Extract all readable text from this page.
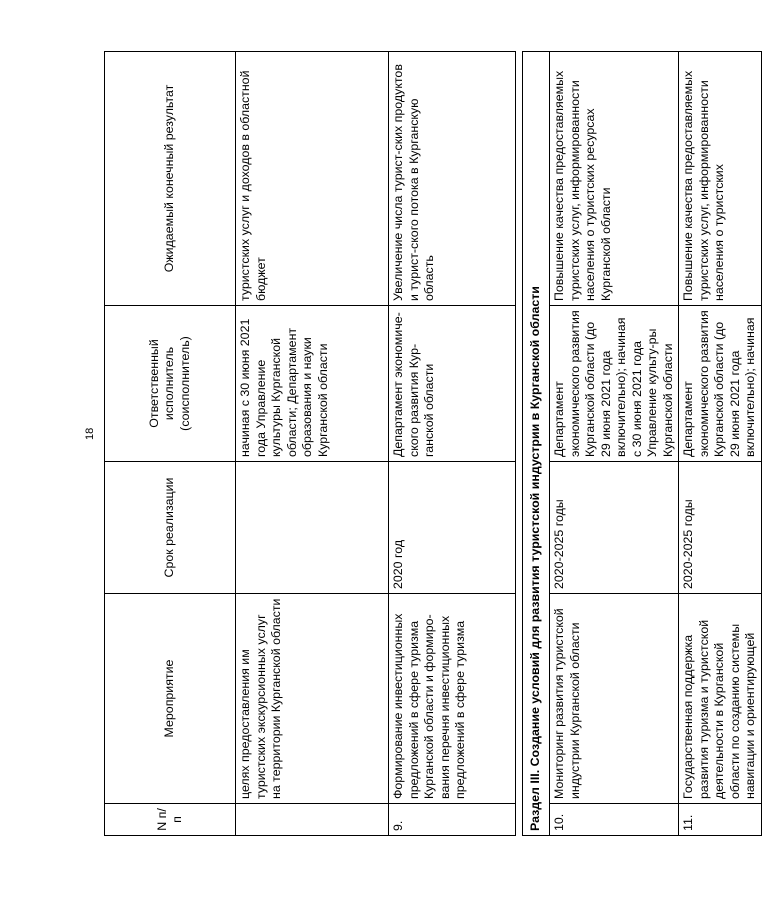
18
N п/п	Мероприятие	Срок реализации	Ответственный исполнитель (соисполнитель)	Ожидаемый конечный результат
	целях предоставления им туристских экскурсионных услуг на территории Курганской области		начиная с 30 июня 2021 года Управление культуры Курганской области; Департамент образования и науки Курганской области	туристских услуг и доходов в областной бюджет
9.	Формирование инвестиционных предложений в сфере туризма Курганской области и формиро-вания перечня инвестиционных предложений в сфере туризма	2020 год	Департамент экономиче-ского развития Кур-ганской области	Увеличение числа турист-ских продуктов и турист-ского потока в Курганскую область

Раздел III. Создание условий для развития туристской индустрии в Курганской области				
10.	Мониторинг развития туристской индустрии Курганской области	2020-2025 годы	Департамент экономического развития Курганской области (до 29 июня 2021 года включительно); начиная с 30 июня 2021 года Управление культу-ры Курганской области	Повышение качества предоставляемых туристских услуг, информированности населения о туристских ресурсах Курганской области
11.	Государственная поддержка развития туризма и туристской деятельности в Курганской области по созданию системы навигации и ориентирующей	2020-2025 годы	Департамент экономического развития Курганской области (до 29 июня 2021 года включительно); начиная	Повышение качества предоставляемых туристских услуг, информированности населения о туристских
